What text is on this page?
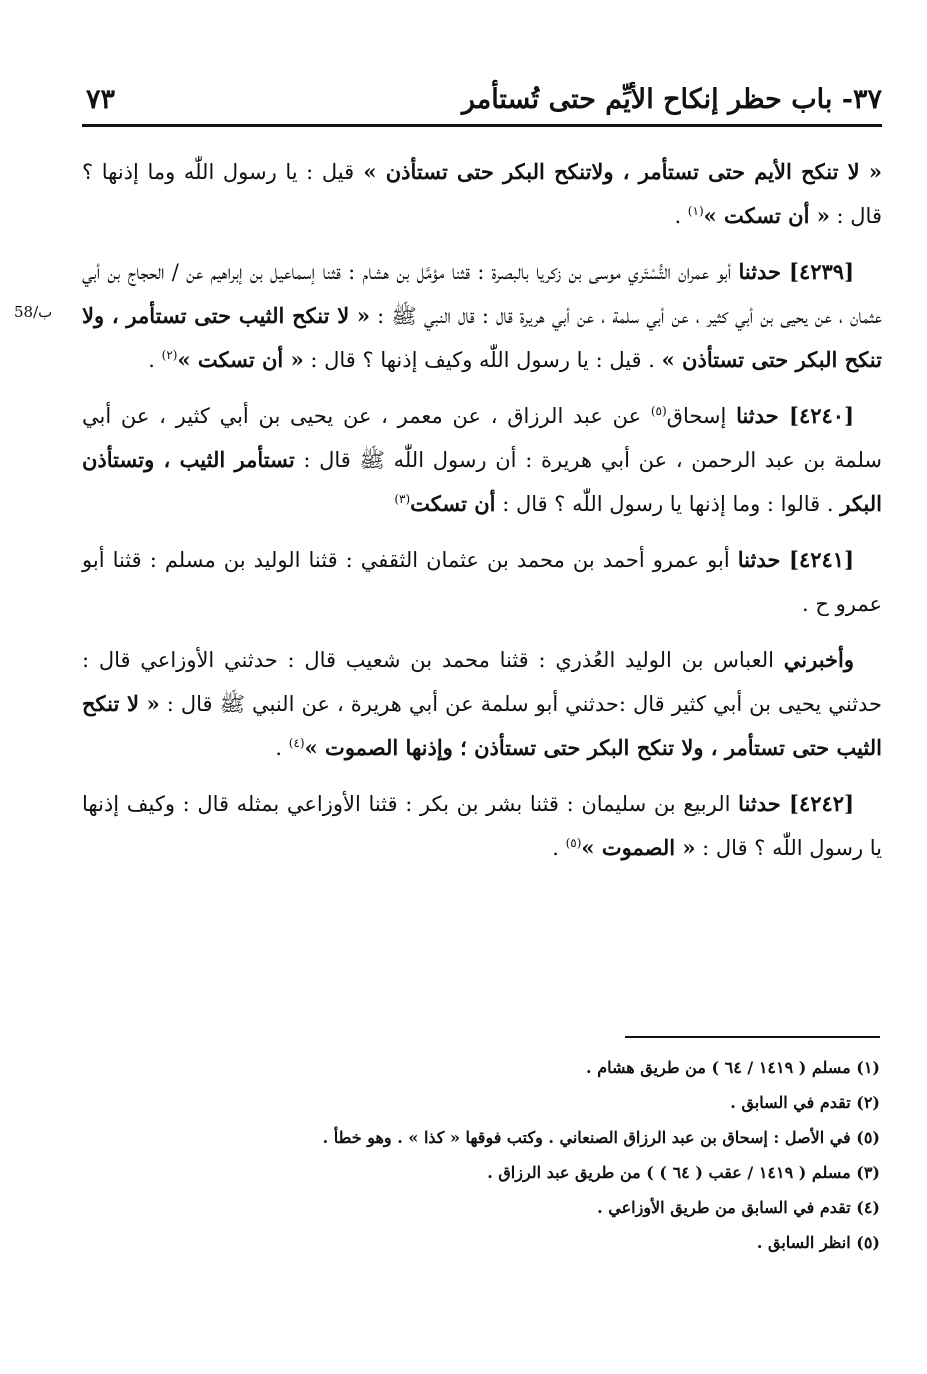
٣٧- باب حظر إنكاح الأيِّم حتى تُستأمر
٧٣
58/ب

« لا تنكح الأيم حتى تستأمر ، ولاتنكح البكر حتى تستأذن » قيل : يا رسول اللّٰه وما إذنها ؟ قال : « أن تسكت »$^{(١)}$ .

[٤٢٣٩] حدثنا أبو عمران التُّسْتَري موسى بن زكريا بالبصرة : قثنا مؤمَّل بن هشام : قثنا إسماعيل بن إبراهيم عن / الحجاج بن أبي عثمان ، عن يحيى بن أبي كثير ، عن أبي سلمة ، عن أبي هريرة قال : قال النبي ﷺ : « لا تنكح الثيب حتى تستأمر ، ولا تنكح البكر حتى تستأذن » . قيل : يا رسول اللّٰه وكيف إذنها ؟ قال : « أن تسكت »$^{(٢)}$ .

[٤٢٤٠] حدثنا إسحاق$^{(٥)}$ عن عبد الرزاق ، عن معمر ، عن يحيى بن أبي كثير ، عن أبي سلمة بن عبد الرحمن ، عن أبي هريرة : أن رسول اللّٰه ﷺ قال : تستأمر الثيب ، وتستأذن البكر . قالوا : وما إذنها يا رسول اللّٰه ؟ قال : أن تسكت$^{(٣)}$

[٤٢٤١] حدثنا أبو عمرو أحمد بن محمد بن عثمان الثقفي : قثنا الوليد بن مسلم : قثنا أبو عمرو ح .

وأخبرني العباس بن الوليد العُذري : قثنا محمد بن شعيب قال : حدثني الأوزاعي قال : حدثني يحيى بن أبي كثير قال :حدثني أبو سلمة عن أبي هريرة ، عن النبي ﷺ قال : « لا تنكح الثيب حتى تستأمر ، ولا تنكح البكر حتى تستأذن ؛ وإذنها الصموت »$^{(٤)}$ .

[٤٢٤٢] حدثنا الربيع بن سليمان : قثنا بشر بن بكر : قثنا الأوزاعي بمثله قال : وكيف إذنها يا رسول اللّٰه ؟ قال : « الصموت »$^{(٥)}$ .

(١) مسلم ( ١٤١٩ / ٦٤ ) من طريق هشام .
(٢) تقدم في السابق .
(٥) في الأصل : إسحاق بن عبد الرزاق الصنعاني . وكتب فوقها « كذا » . وهو خطأ .
(٣) مسلم ( ١٤١٩ / عقب ( ٦٤ ) ) من طريق عبد الرزاق .
(٤) تقدم في السابق من طريق الأوزاعي .
(٥) انظر السابق .
